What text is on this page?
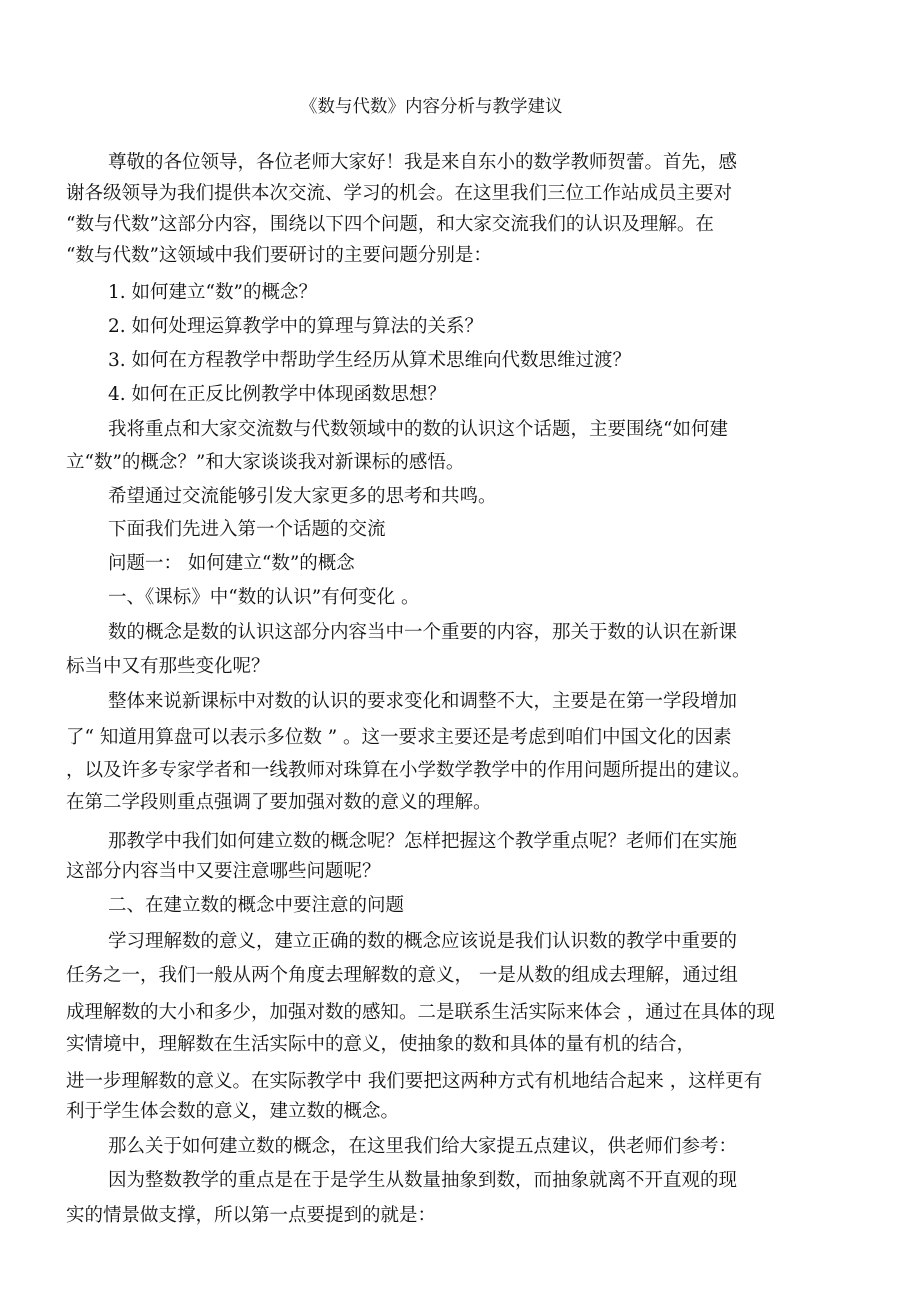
《数与代数》内容分析与教学建议
尊敬的各位领导，各位老师大家好！我是来自东小的数学教师贺蕾。首先，感
谢各级领导为我们提供本次交流、学习的机会。在这里我们三位工作站成员主要对
“数与代数”这部分内容，围绕以下四个问题，和大家交流我们的认识及理解。在
“数与代数”这领域中我们要研讨的主要问题分别是：
1. 如何建立“数”的概念？
2. 如何处理运算教学中的算理与算法的关系？
3. 如何在方程教学中帮助学生经历从算术思维向代数思维过渡？
4. 如何在正反比例教学中体现函数思想？
我将重点和大家交流数与代数领域中的数的认识这个话题，主要围绕“如何建
立“数”的概念？”和大家谈谈我对新课标的感悟。
希望通过交流能够引发大家更多的思考和共鸣。
下面我们先进入第一个话题的交流
问题一： 如何建立“数”的概念
一、《课标》中“数的认识”有何变化 。
数的概念是数的认识这部分内容当中一个重要的内容，那关于数的认识在新课
标当中又有那些变化呢？
整体来说新课标中对数的认识的要求变化和调整不大，主要是在第一学段增加
了“ 知道用算盘可以表示多位数 ” 。这一要求主要还是考虑到咱们中国文化的因素
，以及许多专家学者和一线教师对珠算在小学数学教学中的作用问题所提出的建议。
在第二学段则重点强调了要加强对数的意义的理解。
那教学中我们如何建立数的概念呢？怎样把握这个教学重点呢？老师们在实施
这部分内容当中又要注意哪些问题呢？
二、在建立数的概念中要注意的问题
学习理解数的意义，建立正确的数的概念应该说是我们认识数的教学中重要的
任务之一，我们一般从两个角度去理解数的意义， 一是从数的组成去理解，通过组
成理解数的大小和多少，加强对数的感知。二是联系生活实际来体会 ，通过在具体的现
实情境中，理解数在生活实际中的意义，使抽象的数和具体的量有机的结合，
进一步理解数的意义。在实际教学中 我们要把这两种方式有机地结合起来 ，这样更有
利于学生体会数的意义，建立数的概念。
那么关于如何建立数的概念，在这里我们给大家提五点建议，供老师们参考：
因为整数教学的重点是在于是学生从数量抽象到数，而抽象就离不开直观的现
实的情景做支撑，所以第一点要提到的就是：
